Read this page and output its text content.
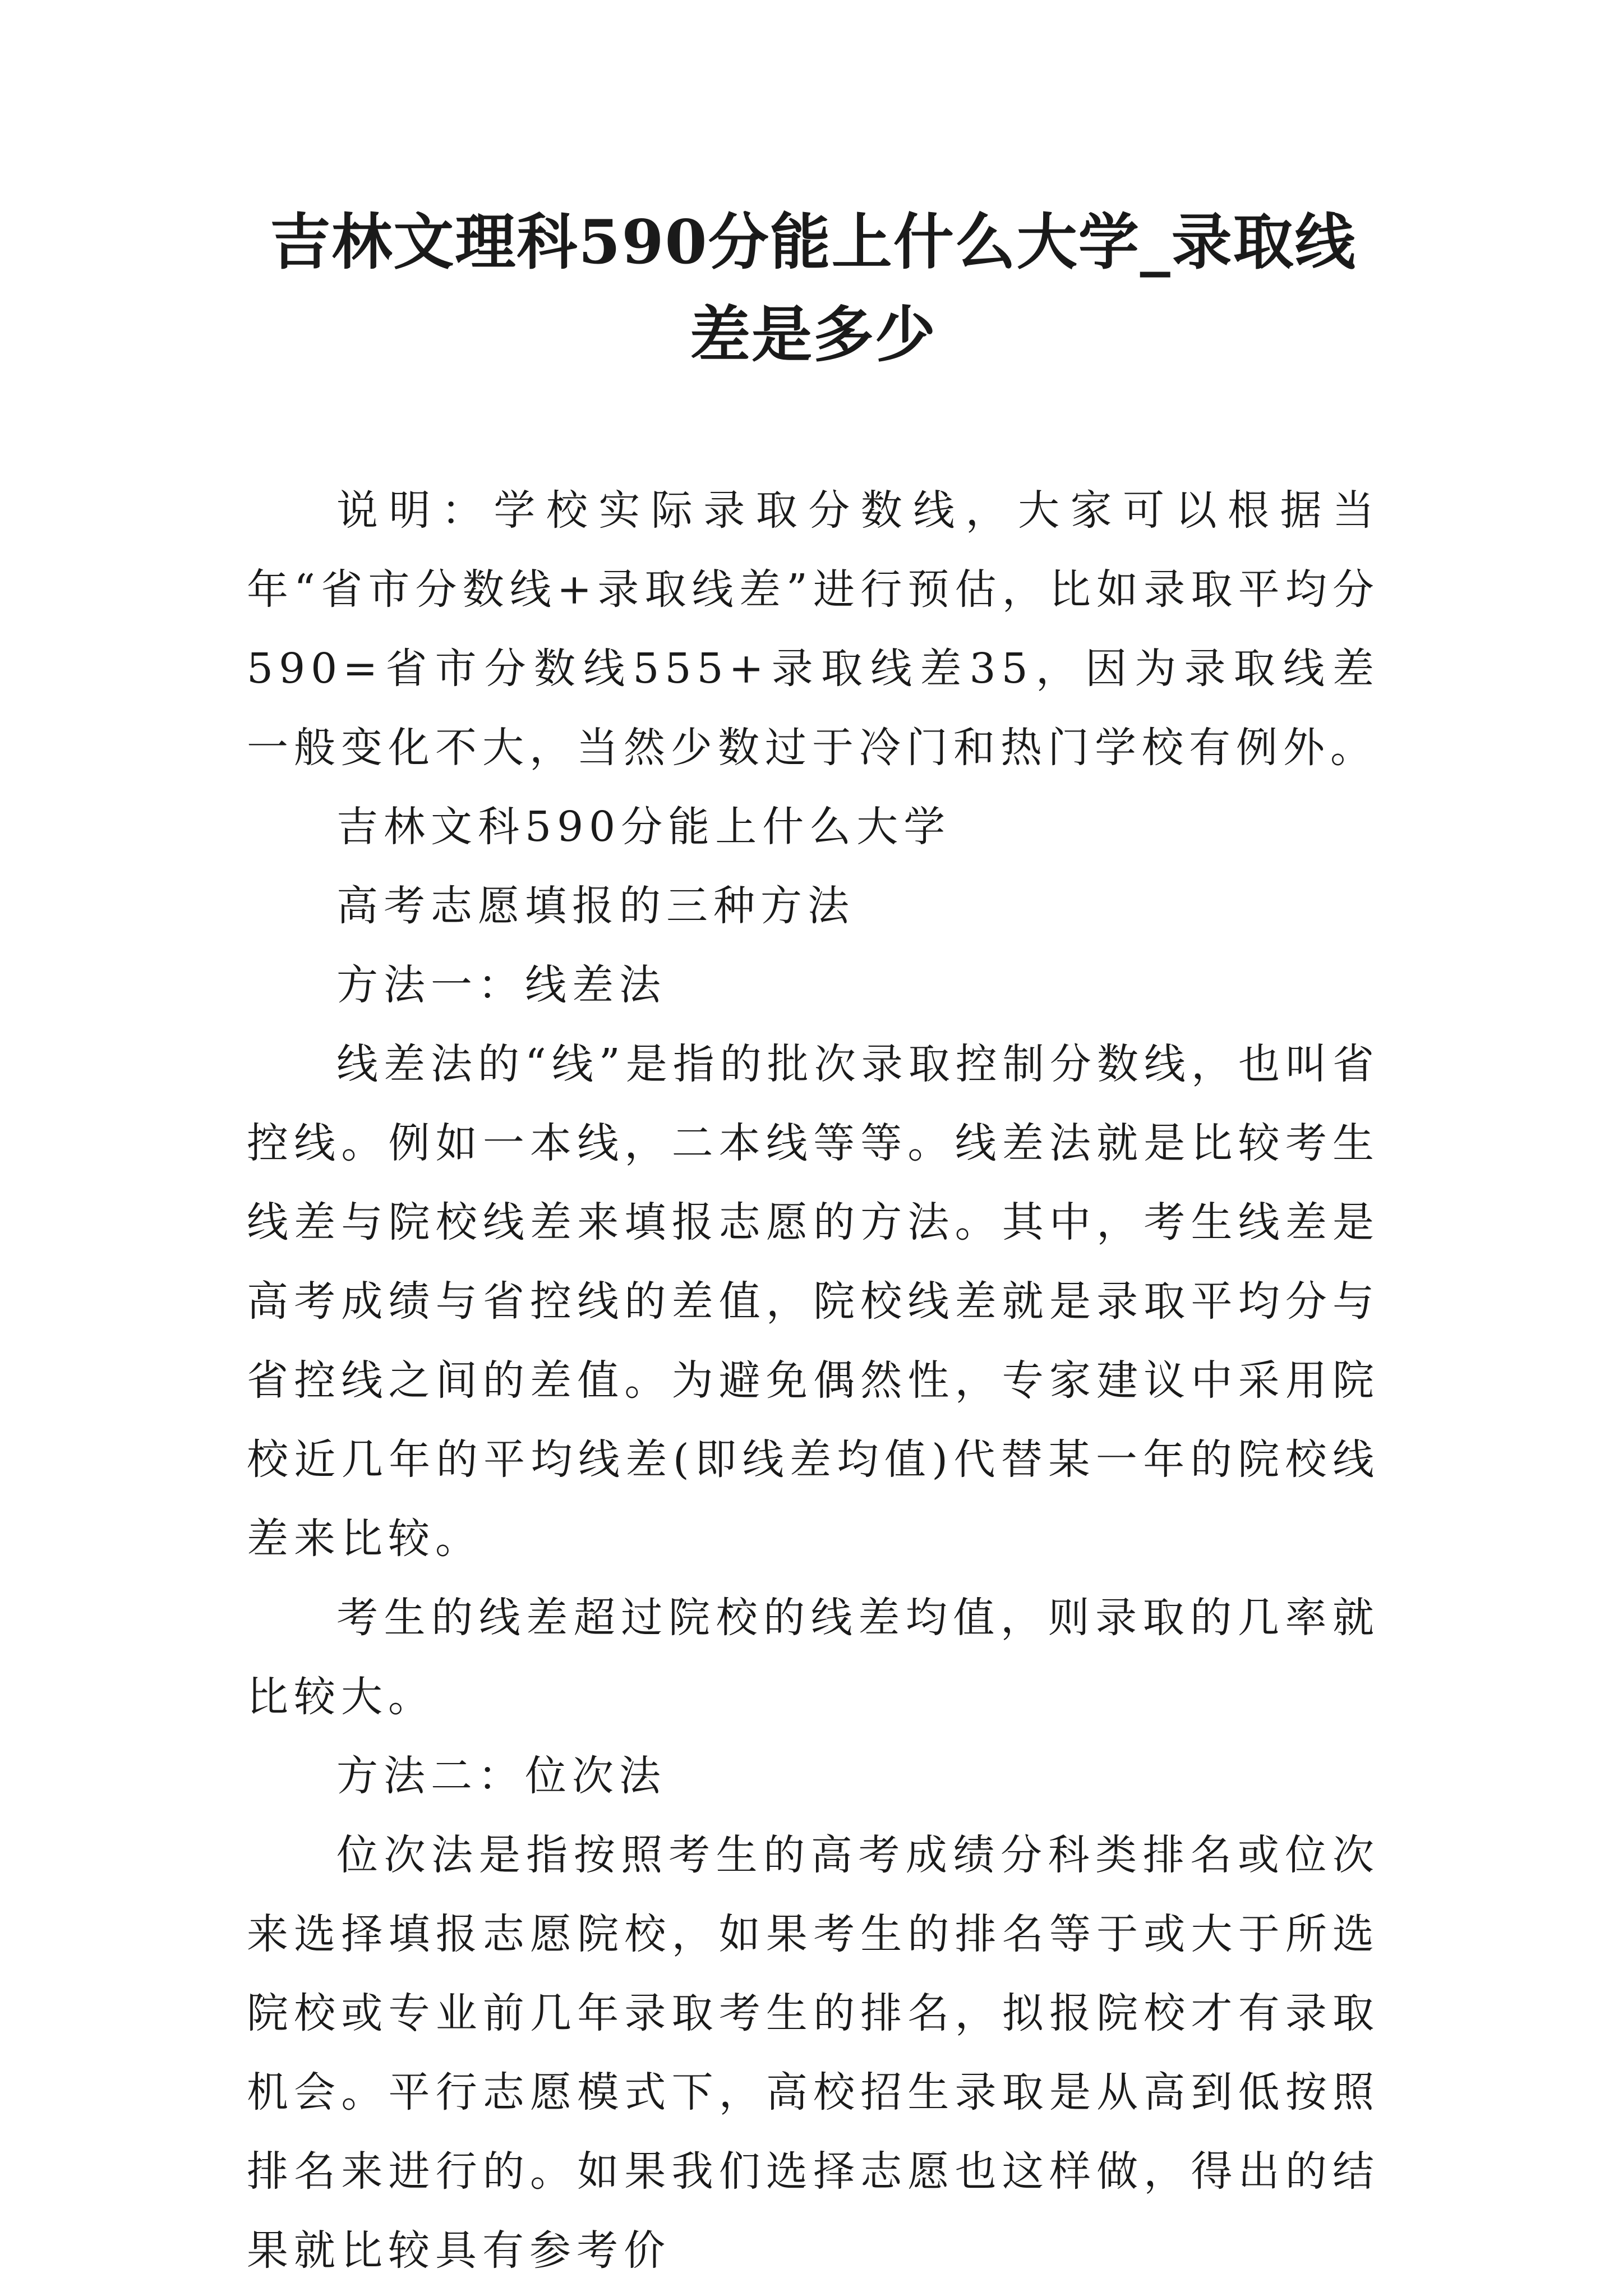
吉林文理科590分能上什么大学_录取线差是多少

说明：学校实际录取分数线，大家可以根据当年“省市分数线+录取线差”进行预估，比如录取平均分590=省市分数线555+录取线差35，因为录取线差一般变化不大，当然少数过于冷门和热门学校有例外。

吉林文科590分能上什么大学

高考志愿填报的三种方法

方法一：线差法

线差法的“线”是指的批次录取控制分数线，也叫省控线。例如一本线，二本线等等。线差法就是比较考生线差与院校线差来填报志愿的方法。其中，考生线差是高考成绩与省控线的差值，院校线差就是录取平均分与省控线之间的差值。为避免偶然性，专家建议中采用院校近几年的平均线差(即线差均值)代替某一年的院校线差来比较。

考生的线差超过院校的线差均值，则录取的几率就比较大。

方法二：位次法

位次法是指按照考生的高考成绩分科类排名或位次来选择填报志愿院校，如果考生的排名等于或大于所选院校或专业前几年录取考生的排名，拟报院校才有录取机会。平行志愿模式下，高校招生录取是从高到低按照排名来进行的。如果我们选择志愿也这样做，得出的结果就比较具有参考价
